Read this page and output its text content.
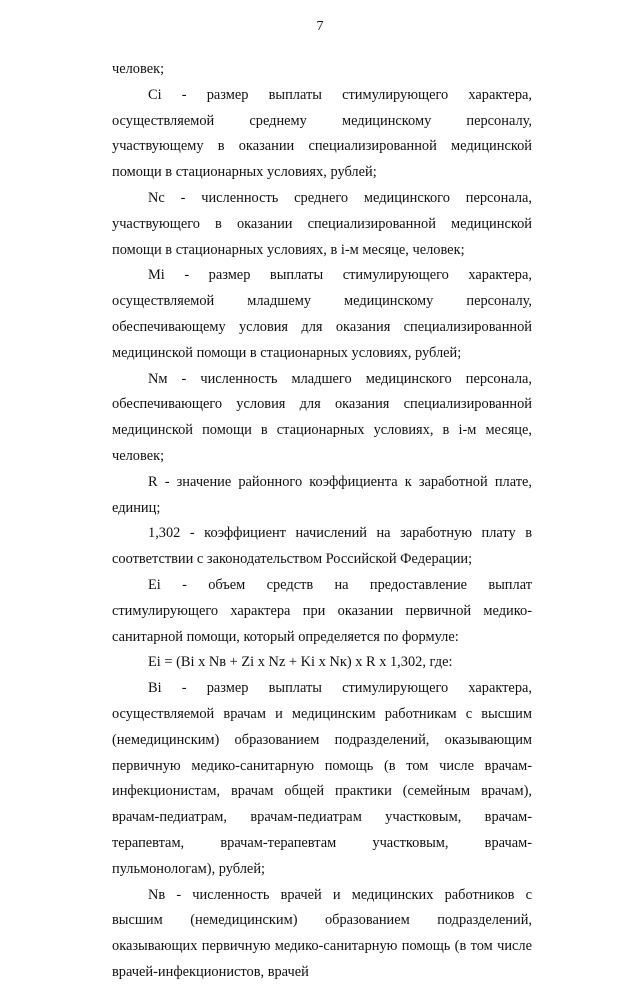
7

человек;

Ci - размер выплаты стимулирующего характера, осуществляемой среднему медицинскому персоналу, участвующему в оказании специализированной медицинской помощи в стационарных условиях, рублей;

Nс - численность среднего медицинского персонала, участвующего в оказании специализированной медицинской помощи в стационарных условиях, в i-м месяце, человек;

Mi - размер выплаты стимулирующего характера, осуществляемой младшему медицинскому персоналу, обеспечивающему условия для оказания специализированной медицинской помощи в стационарных условиях, рублей;

Nм - численность младшего медицинского персонала, обеспечивающего условия для оказания специализированной медицинской помощи в стационарных условиях, в i-м месяце, человек;

R - значение районного коэффициента к заработной плате, единиц;

1,302 - коэффициент начислений на заработную плату в соответствии с законодательством Российской Федерации;

Ei - объем средств на предоставление выплат стимулирующего характера при оказании первичной медико-санитарной помощи, который определяется по формуле:

Ei = (Bi x Nв + Zi x Nz + Ki x Nк) x R x 1,302, где:

Bi - размер выплаты стимулирующего характера, осуществляемой врачам и медицинским работникам с высшим (немедицинским) образованием подразделений, оказывающим первичную медико-санитарную помощь (в том числе врачам-инфекционистам, врачам общей практики (семейным врачам), врачам-педиатрам, врачам-педиатрам участковым, врачам-терапевтам, врачам-терапевтам участковым, врачам-пульмонологам), рублей;

Nв - численность врачей и медицинских работников с высшим (немедицинским) образованием подразделений, оказывающих первичную медико-санитарную помощь (в том числе врачей-инфекционистов, врачей
